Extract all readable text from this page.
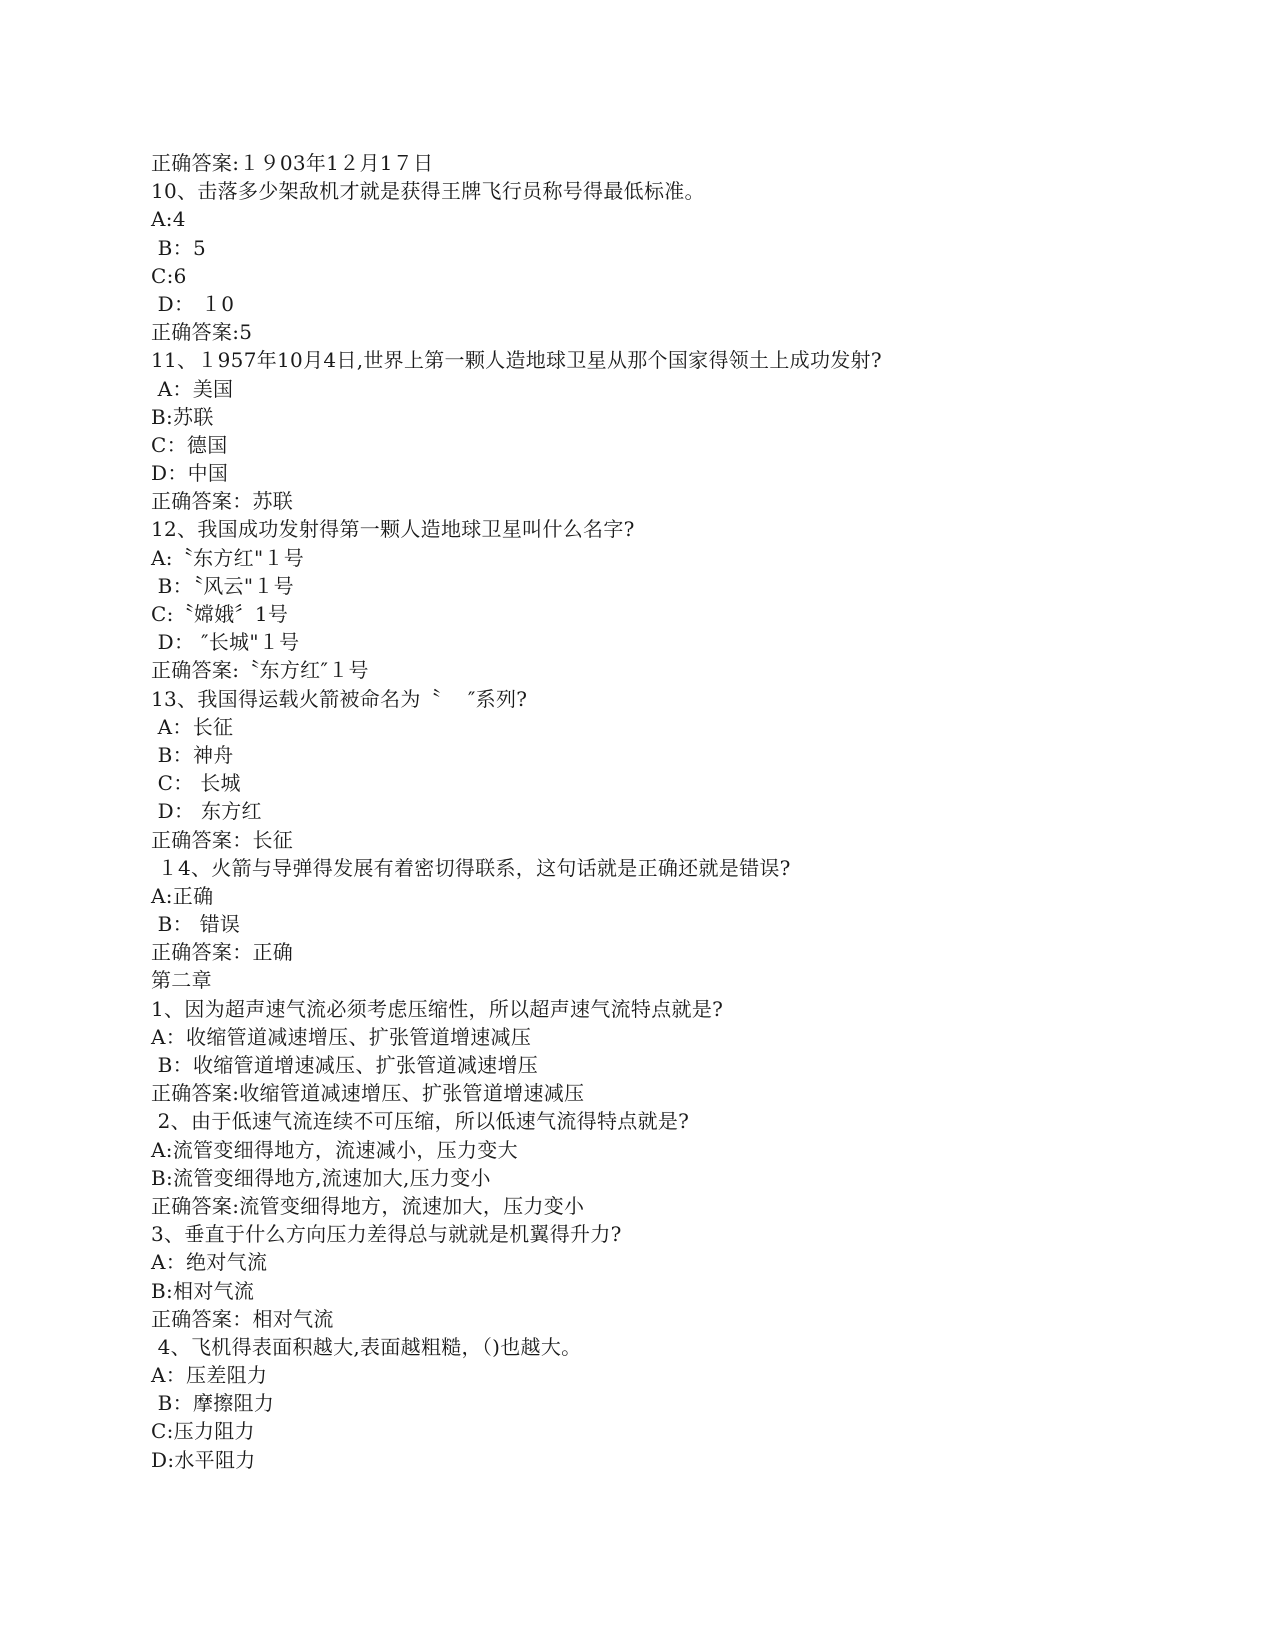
正确答案:１９03年1２月1７日
10、击落多少架敌机才就是获得王牌飞行员称号得最低标准。
A:4
B：5
C:6
D： １0
正确答案:5
11、１957年10月4日,世界上第一颗人造地球卫星从那个国家得领土上成功发射?
A：美国
B:苏联
C：德国
D：中国
正确答案：苏联
12、我国成功发射得第一颗人造地球卫星叫什么名字?
A:〝东方红"１号
B：〝风云"１号
C:〝嫦娥〞1号
D： ″长城"１号
正确答案:〝东方红″１号
13、我国得运载火箭被命名为〝　 ″系列?
A：长征
B：神舟
C： 长城
D： 东方红
正确答案：长征
１4、火箭与导弹得发展有着密切得联系，这句话就是正确还就是错误?
A:正确
B： 错误
正确答案：正确
第二章
1、因为超声速气流必须考虑压缩性，所以超声速气流特点就是?
A：收缩管道减速增压、扩张管道增速减压
B：收缩管道增速减压、扩张管道减速增压
正确答案:收缩管道减速增压、扩张管道增速减压
2、由于低速气流连续不可压缩，所以低速气流得特点就是?
A:流管变细得地方，流速减小，压力变大
B:流管变细得地方,流速加大,压力变小
正确答案:流管变细得地方，流速加大，压力变小
3、垂直于什么方向压力差得总与就就是机翼得升力?
A：绝对气流
B:相对气流
正确答案：相对气流
4、飞机得表面积越大,表面越粗糙，（)也越大。
A：压差阻力
B：摩擦阻力
C:压力阻力
D:水平阻力
